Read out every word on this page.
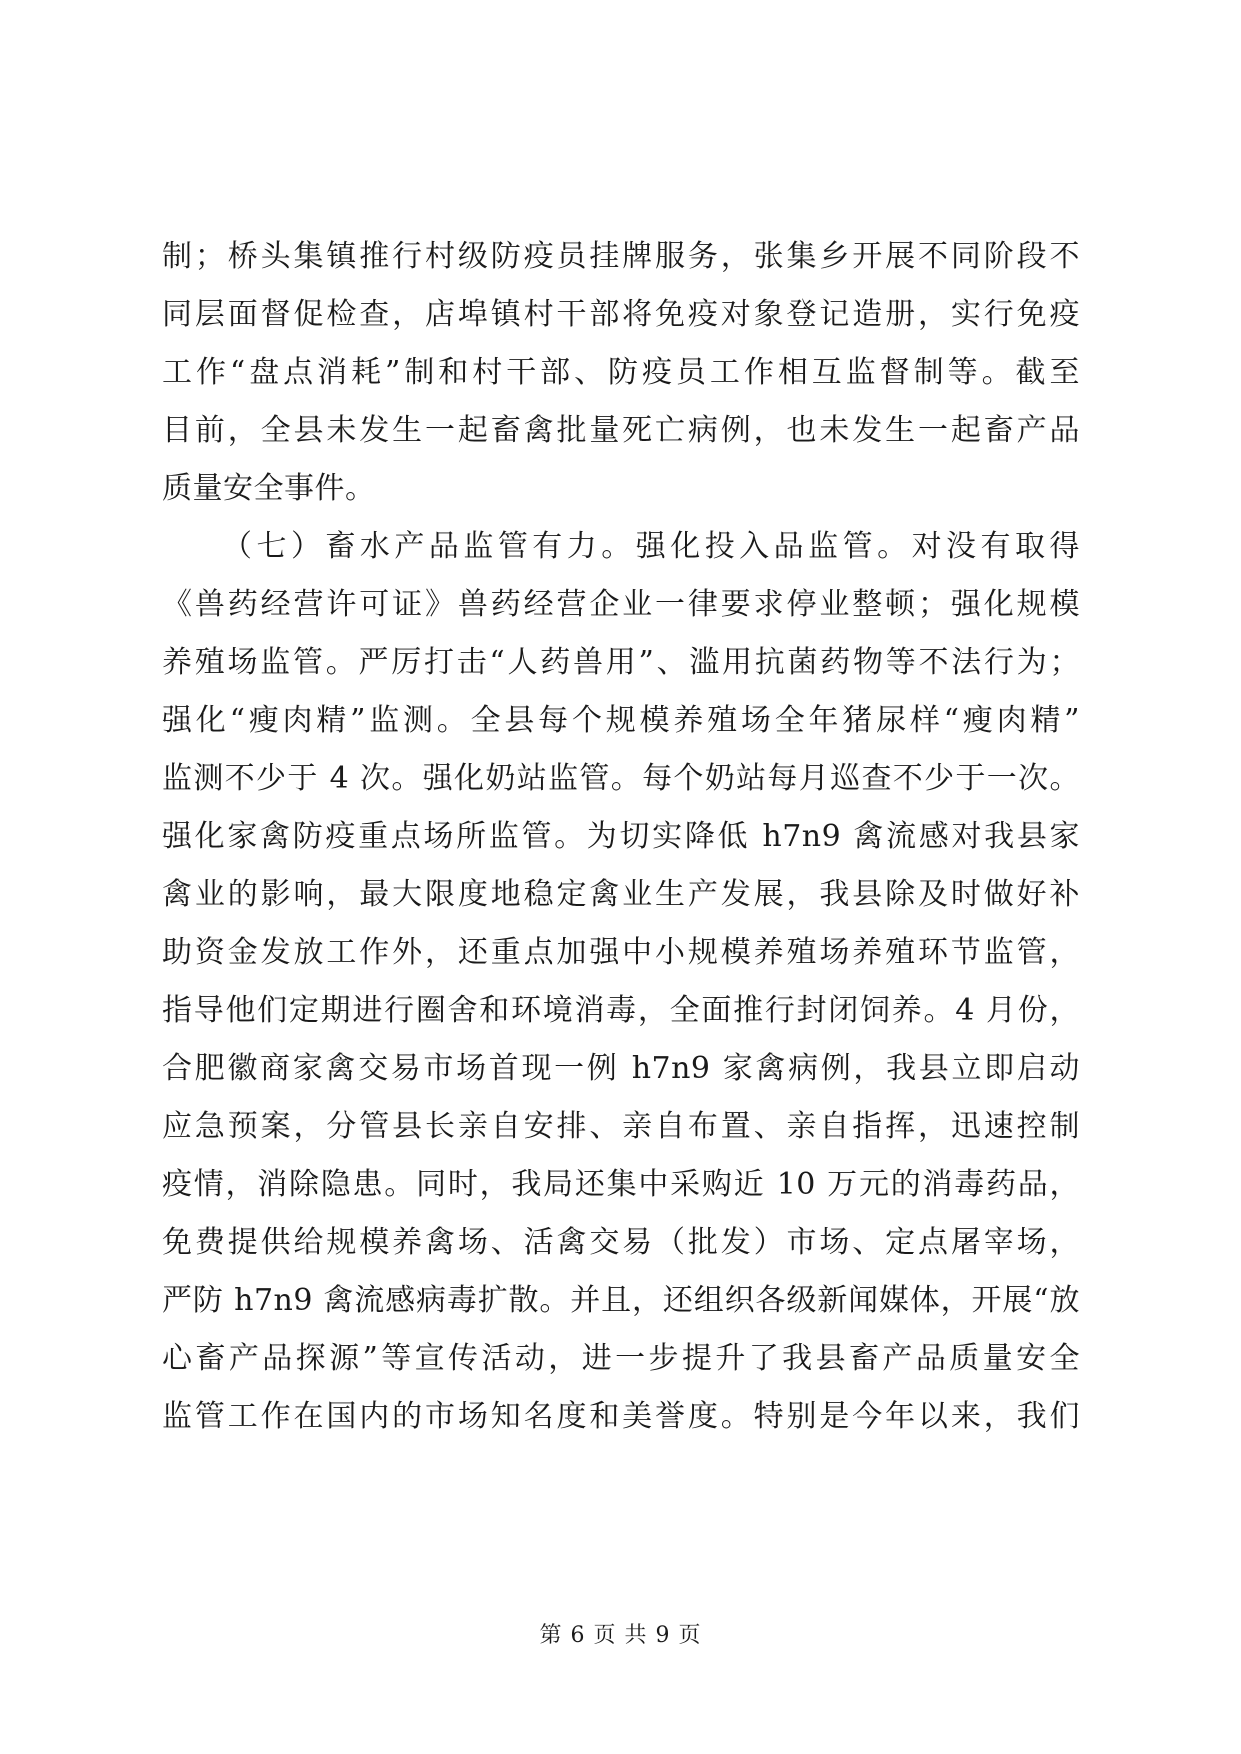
制；桥头集镇推行村级防疫员挂牌服务，张集乡开展不同阶段不
同层面督促检查，店埠镇村干部将免疫对象登记造册，实行免疫
工作“盘点消耗”制和村干部、防疫员工作相互监督制等。截至
目前，全县未发生一起畜禽批量死亡病例，也未发生一起畜产品
质量安全事件。
（七）畜水产品监管有力。强化投入品监管。对没有取得
《兽药经营许可证》兽药经营企业一律要求停业整顿；强化规模
养殖场监管。严厉打击“人药兽用”、滥用抗菌药物等不法行为；
强化“瘦肉精”监测。全县每个规模养殖场全年猪尿样“瘦肉精”
监测不少于 4 次。强化奶站监管。每个奶站每月巡查不少于一次。
强化家禽防疫重点场所监管。为切实降低 h7n9 禽流感对我县家
禽业的影响，最大限度地稳定禽业生产发展，我县除及时做好补
助资金发放工作外，还重点加强中小规模养殖场养殖环节监管，
指导他们定期进行圈舍和环境消毒，全面推行封闭饲养。4 月份，
合肥徽商家禽交易市场首现一例 h7n9 家禽病例，我县立即启动
应急预案，分管县长亲自安排、亲自布置、亲自指挥，迅速控制
疫情，消除隐患。同时，我局还集中采购近 10 万元的消毒药品，
免费提供给规模养禽场、活禽交易（批发）市场、定点屠宰场，
严防 h7n9 禽流感病毒扩散。并且，还组织各级新闻媒体，开展“放
心畜产品探源”等宣传活动，进一步提升了我县畜产品质量安全
监管工作在国内的市场知名度和美誉度。特别是今年以来，我们
第 6 页 共 9 页
